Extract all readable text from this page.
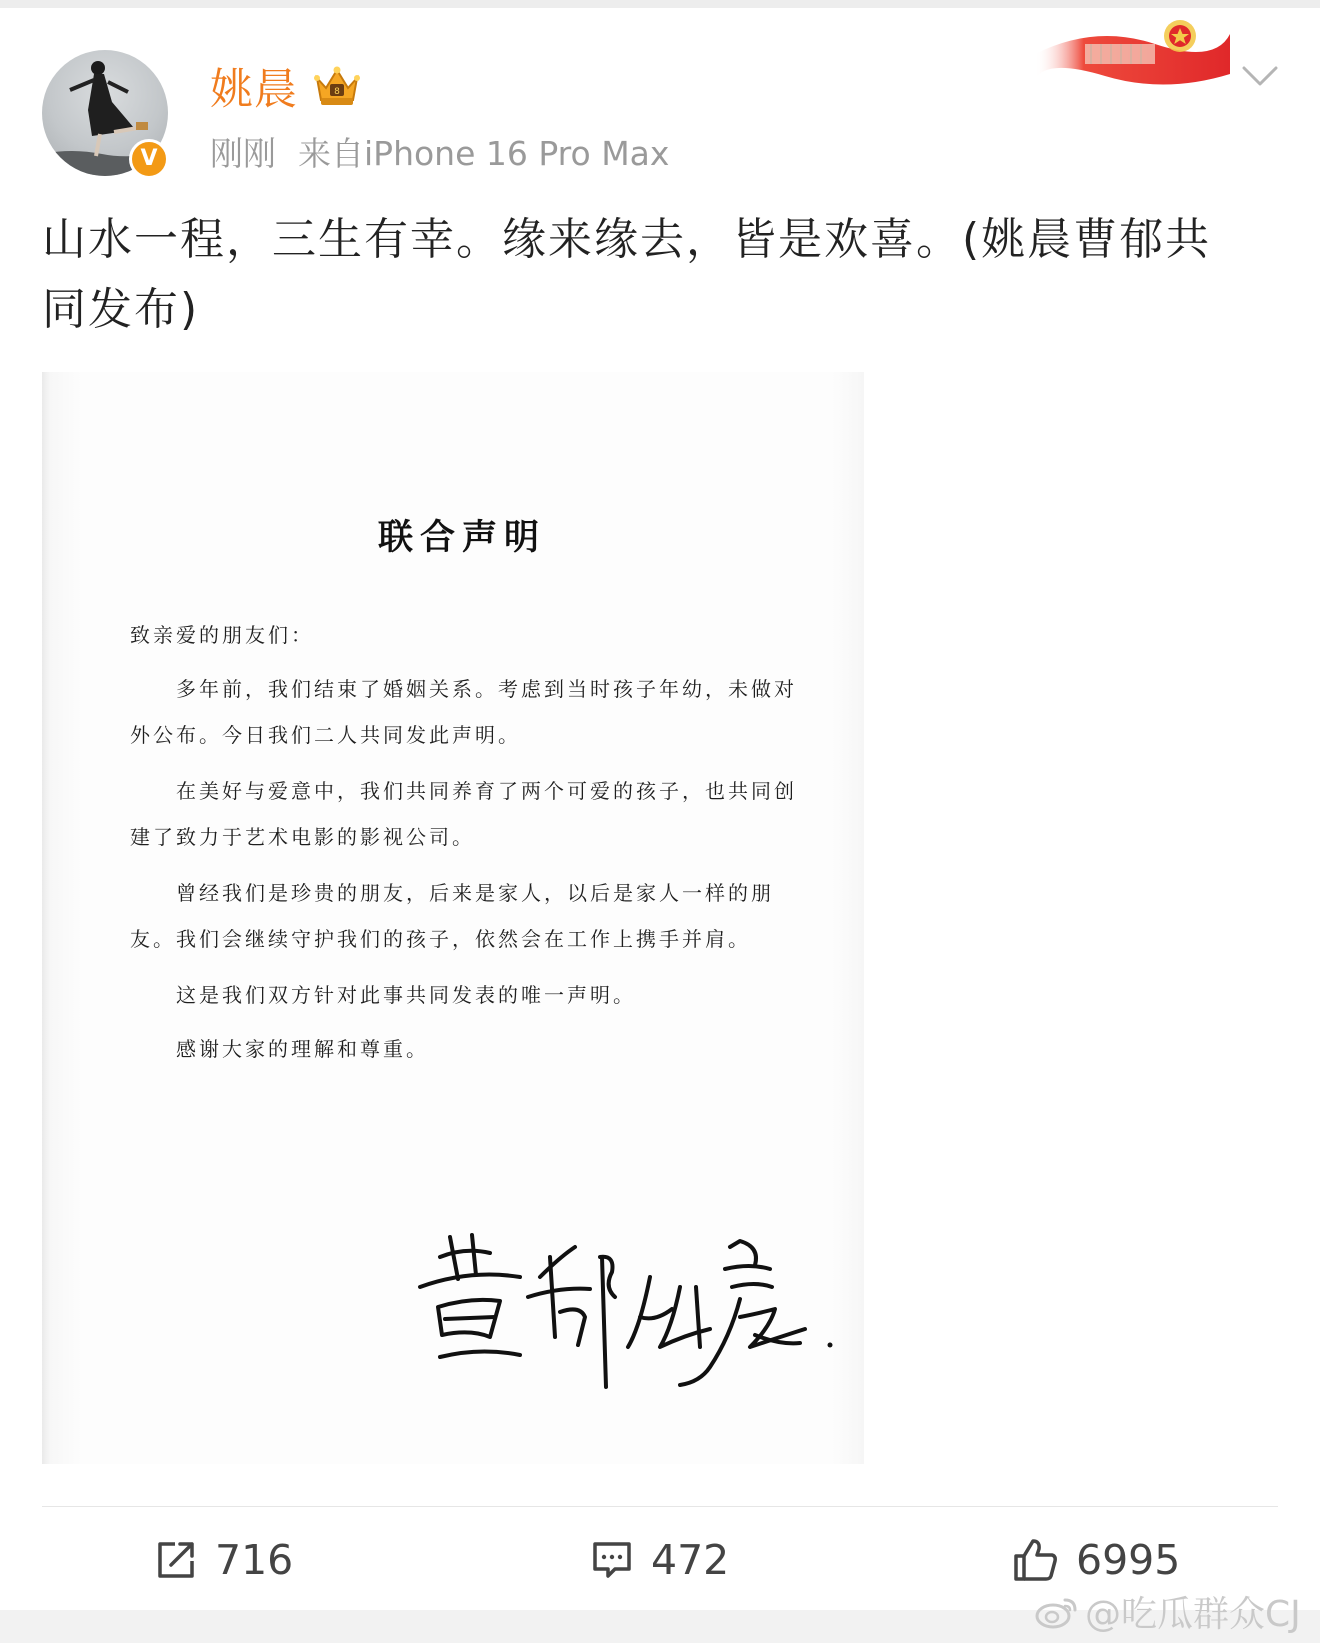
V
姚晨	8
刚刚 来自iPhone 16 Pro Max
山水一程，三生有幸。缘来缘去，皆是欢喜。(姚晨曹郁共
同发布)
联合声明
致亲爱的朋友们：
多年前，我们结束了婚姻关系。考虑到当时孩子年幼，未做对外公布。今日我们二人共同发此声明。
在美好与爱意中，我们共同养育了两个可爱的孩子，也共同创建了致力于艺术电影的影视公司。
曾经我们是珍贵的朋友，后来是家人，以后是家人一样的朋友。我们会继续守护我们的孩子，依然会在工作上携手并肩。
这是我们双方针对此事共同发表的唯一声明。
感谢大家的理解和尊重。
716	472	6995
@吃瓜群众CJ
